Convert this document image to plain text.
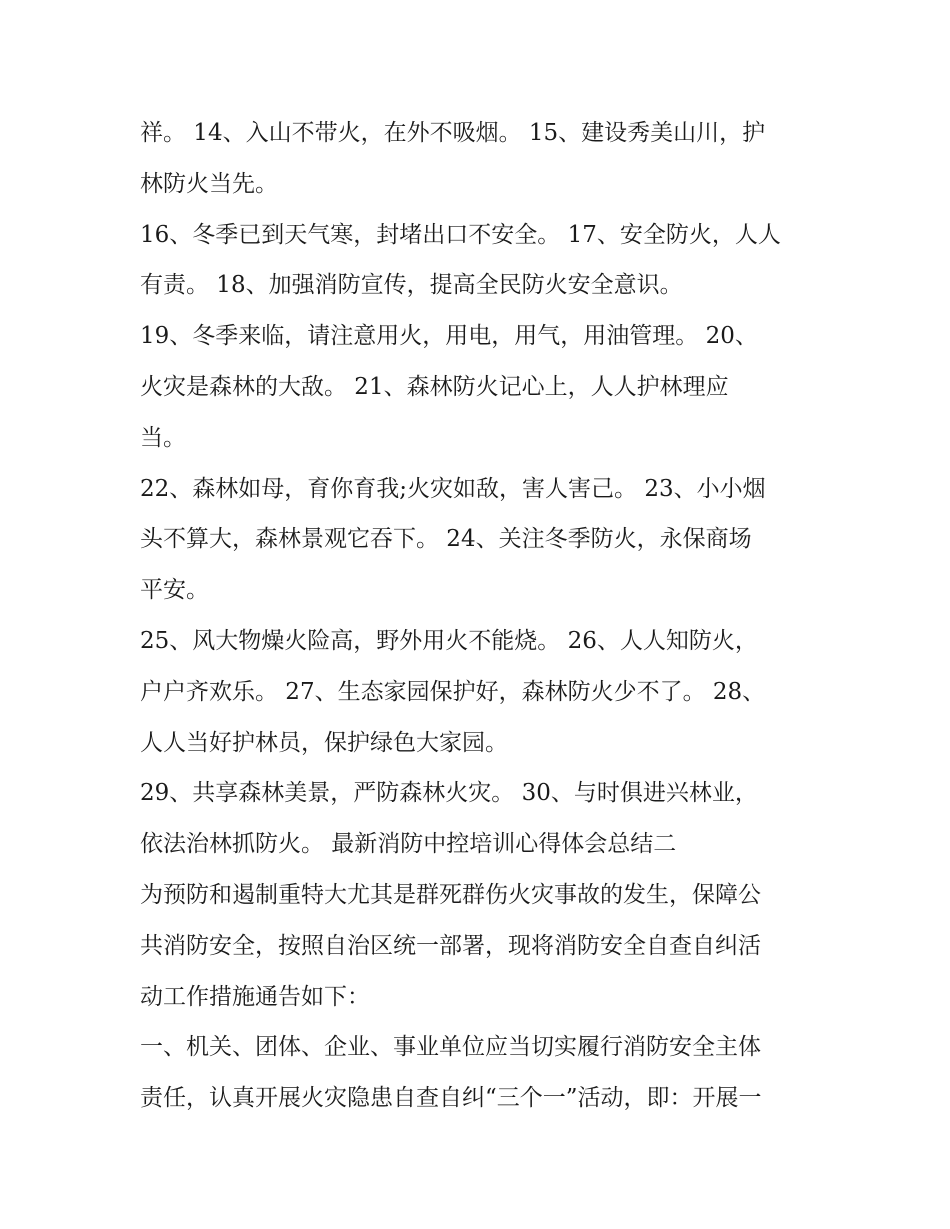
祥。 14、入山不带火，在外不吸烟。 15、建设秀美山川，护
林防火当先。
16、冬季已到天气寒，封堵出口不安全。 17、安全防火，人人
有责。 18、加强消防宣传，提高全民防火安全意识。
19、冬季来临，请注意用火，用电，用气，用油管理。 20、
火灾是森林的大敌。 21、森林防火记心上，人人护林理应
当。
22、森林如母，育你育我;火灾如敌，害人害己。 23、小小烟
头不算大，森林景观它吞下。 24、关注冬季防火，永保商场
平安。
25、风大物燥火险高，野外用火不能烧。 26、人人知防火，
户户齐欢乐。 27、生态家园保护好，森林防火少不了。 28、
人人当好护林员，保护绿色大家园。
29、共享森林美景，严防森林火灾。 30、与时俱进兴林业，
依法治林抓防火。 最新消防中控培训心得体会总结二
为预防和遏制重特大尤其是群死群伤火灾事故的发生，保障公
共消防安全，按照自治区统一部署，现将消防安全自查自纠活
动工作措施通告如下：
一、机关、团体、企业、事业单位应当切实履行消防安全主体
责任，认真开展火灾隐患自查自纠“三个一”活动，即：开展一
